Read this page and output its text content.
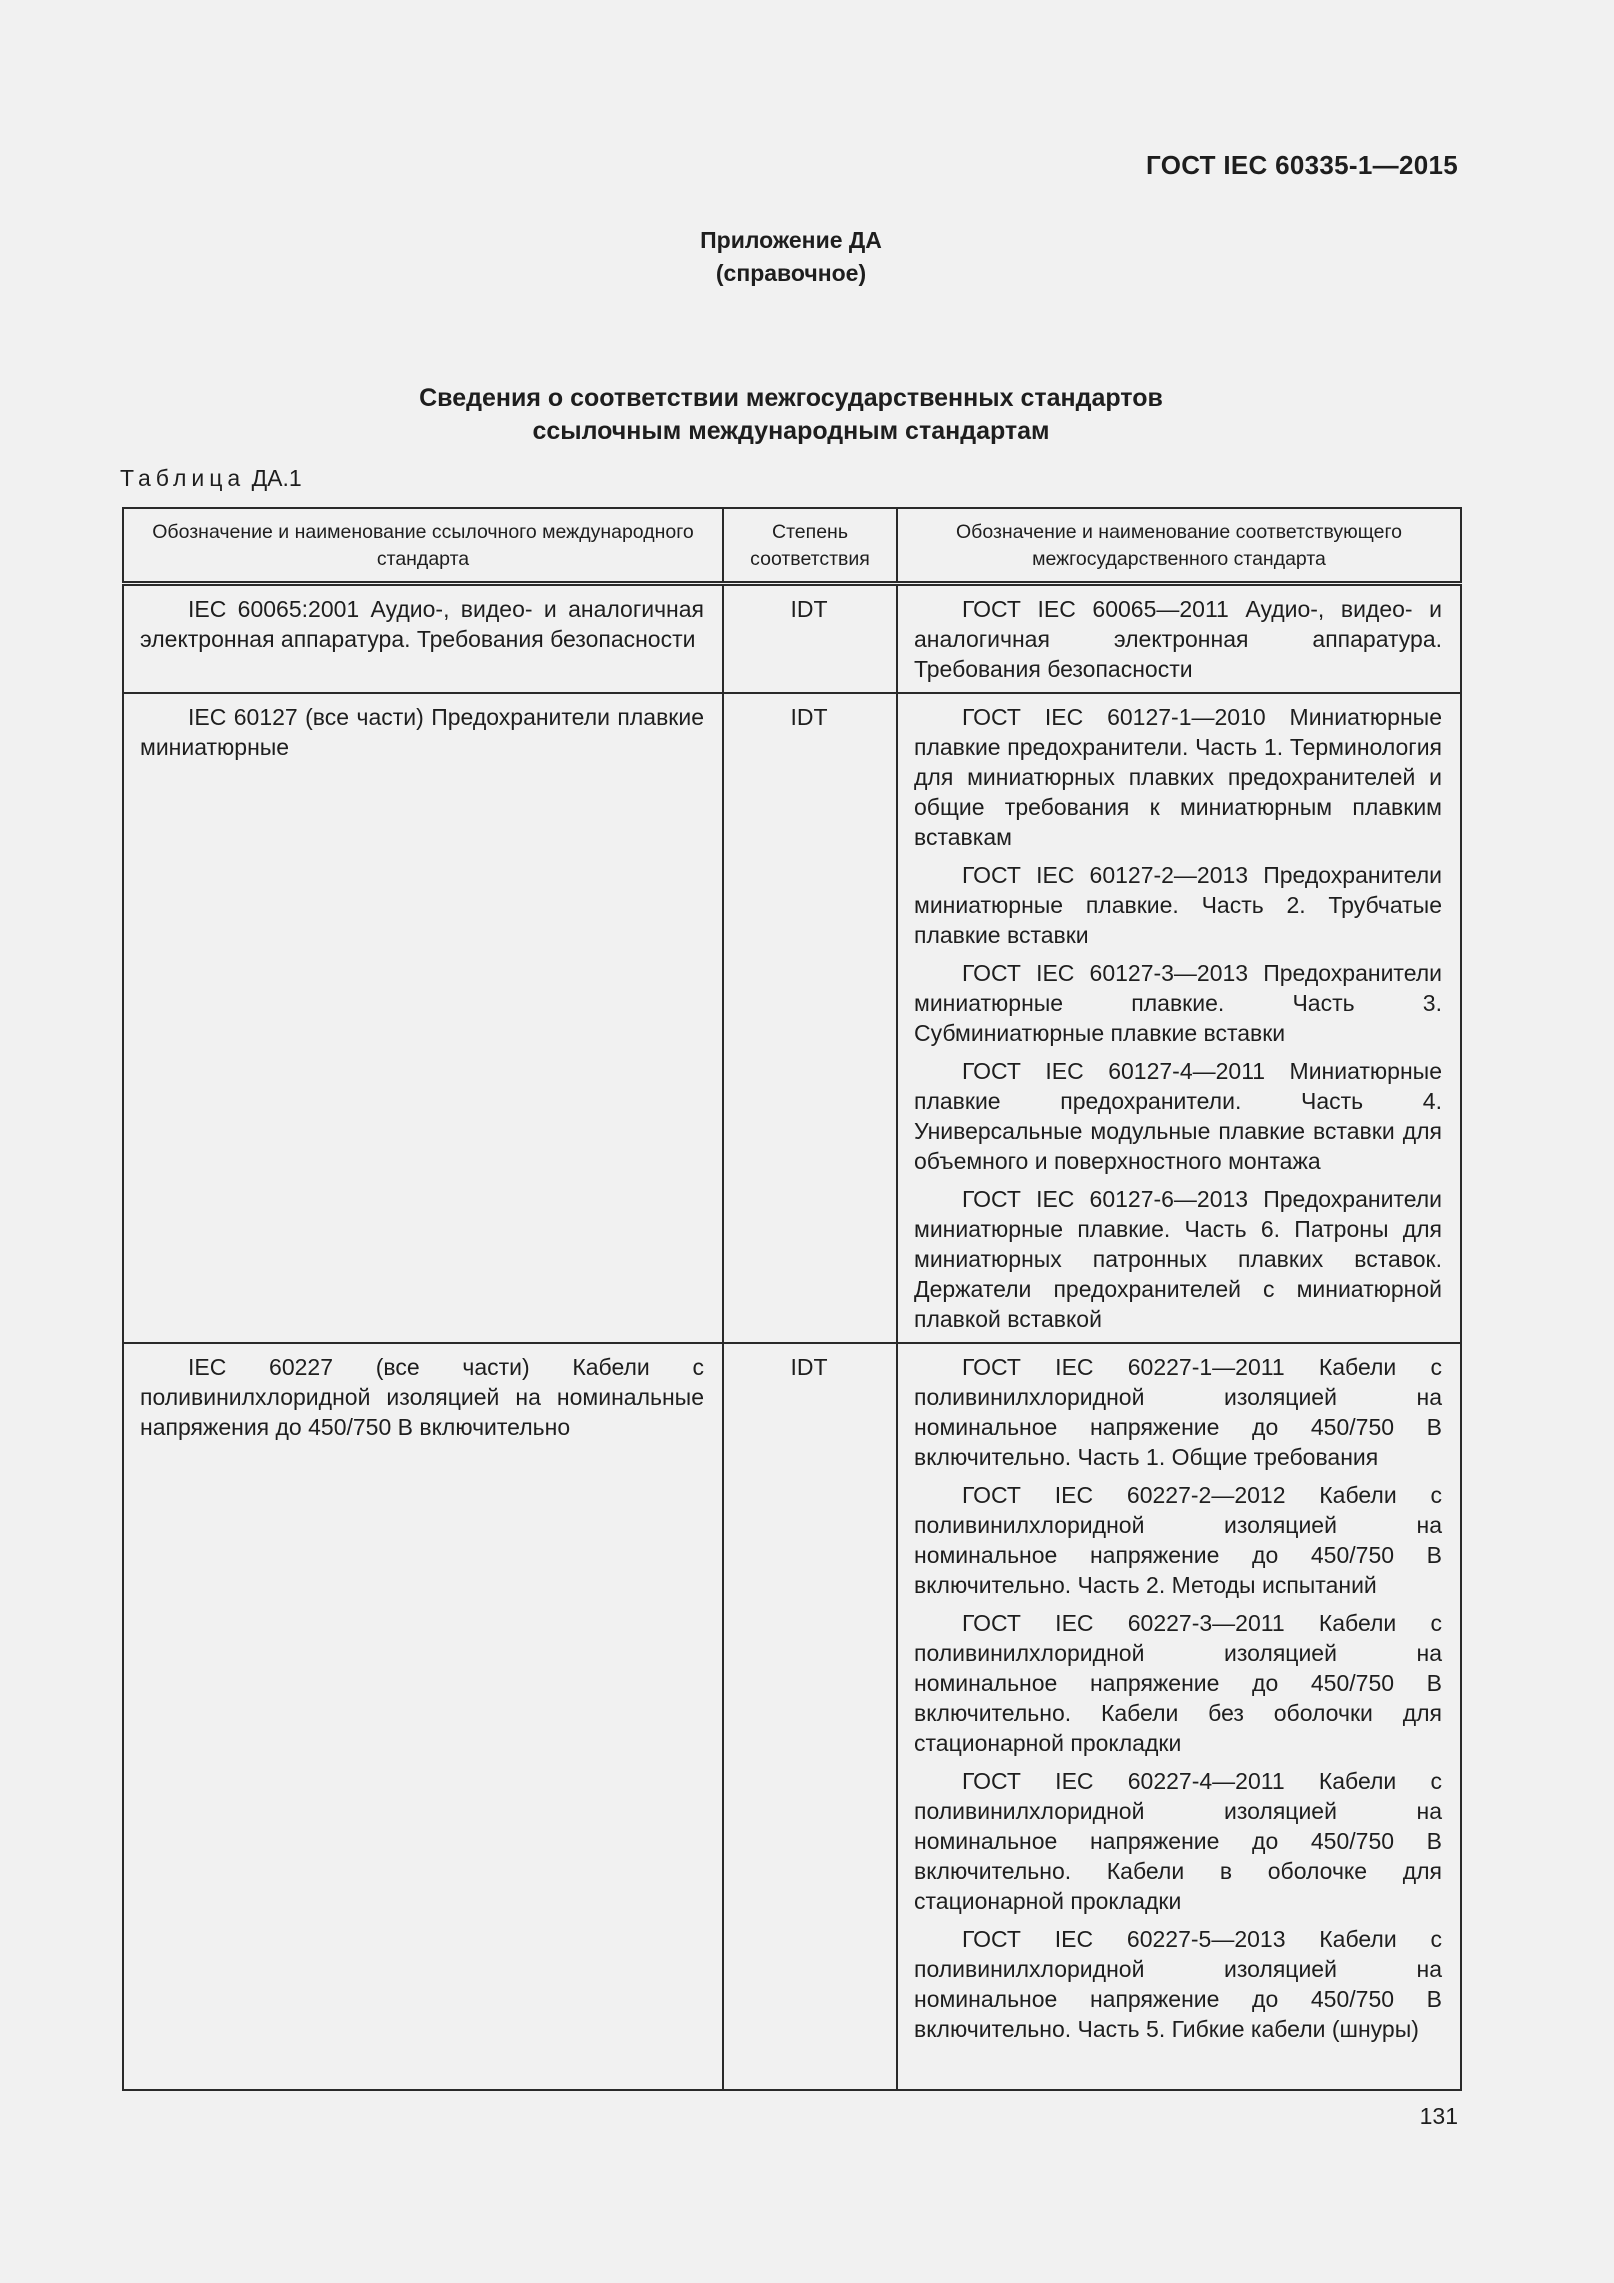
ГОСТ IEC 60335-1—2015
Приложение ДА
(справочное)
Сведения о соответствии межгосударственных стандартов
ссылочным международным стандартам
Таблица ДА.1
Обозначение и наименование ссылочного международного стандарта	Степень соответствия	Обозначение и наименование соответствующего межгосударственного стандарта

IEC 60065:2001 Аудио-, видео- и аналогичная электронная аппаратура. Требования безопасности	IDT	ГОСТ IEC 60065—2011 Аудио-, видео- и аналогичная электронная аппаратура. Требования безопасности

IEC 60127 (все части) Предохранители плавкие миниатюрные	IDT	ГОСТ IEC 60127-1—2010 Миниатюрные плавкие предохранители. Часть 1. Терминология для миниатюрных плавких предохранителей и общие требования к миниатюрным плавким вставкам
ГОСТ IEC 60127-2—2013 Предохранители миниатюрные плавкие. Часть 2. Трубчатые плавкие вставки
ГОСТ IEC 60127-3—2013 Предохранители миниатюрные плавкие. Часть 3. Субминиатюрные плавкие вставки
ГОСТ IEC 60127-4—2011 Миниатюрные плавкие предохранители. Часть 4. Универсальные модульные плавкие вставки для объемного и поверхностного монтажа
ГОСТ IEC 60127-6—2013 Предохранители миниатюрные плавкие. Часть 6. Патроны для миниатюрных патронных плавких вставок. Держатели предохранителей с миниатюрной плавкой вставкой

IEC 60227 (все части) Кабели с поливинилхлоридной изоляцией на номинальные напряжения до 450/750 В включительно	IDT	ГОСТ IEC 60227-1—2011 Кабели с поливинилхлоридной изоляцией на номинальное напряжение до 450/750 В включительно. Часть 1. Общие требования
ГОСТ IEC 60227-2—2012 Кабели с поливинилхлоридной изоляцией на номинальное напряжение до 450/750 В включительно. Часть 2. Методы испытаний
ГОСТ IEC 60227-3—2011 Кабели с поливинилхлоридной изоляцией на номинальное напряжение до 450/750 В включительно. Кабели без оболочки для стационарной прокладки
ГОСТ IEC 60227-4—2011 Кабели с поливинилхлоридной изоляцией на номинальное напряжение до 450/750 В включительно. Кабели в оболочке для стационарной прокладки
ГОСТ IEC 60227-5—2013 Кабели с поливинилхлоридной изоляцией на номинальное напряжение до 450/750 В включительно. Часть 5. Гибкие кабели (шнуры)
131
